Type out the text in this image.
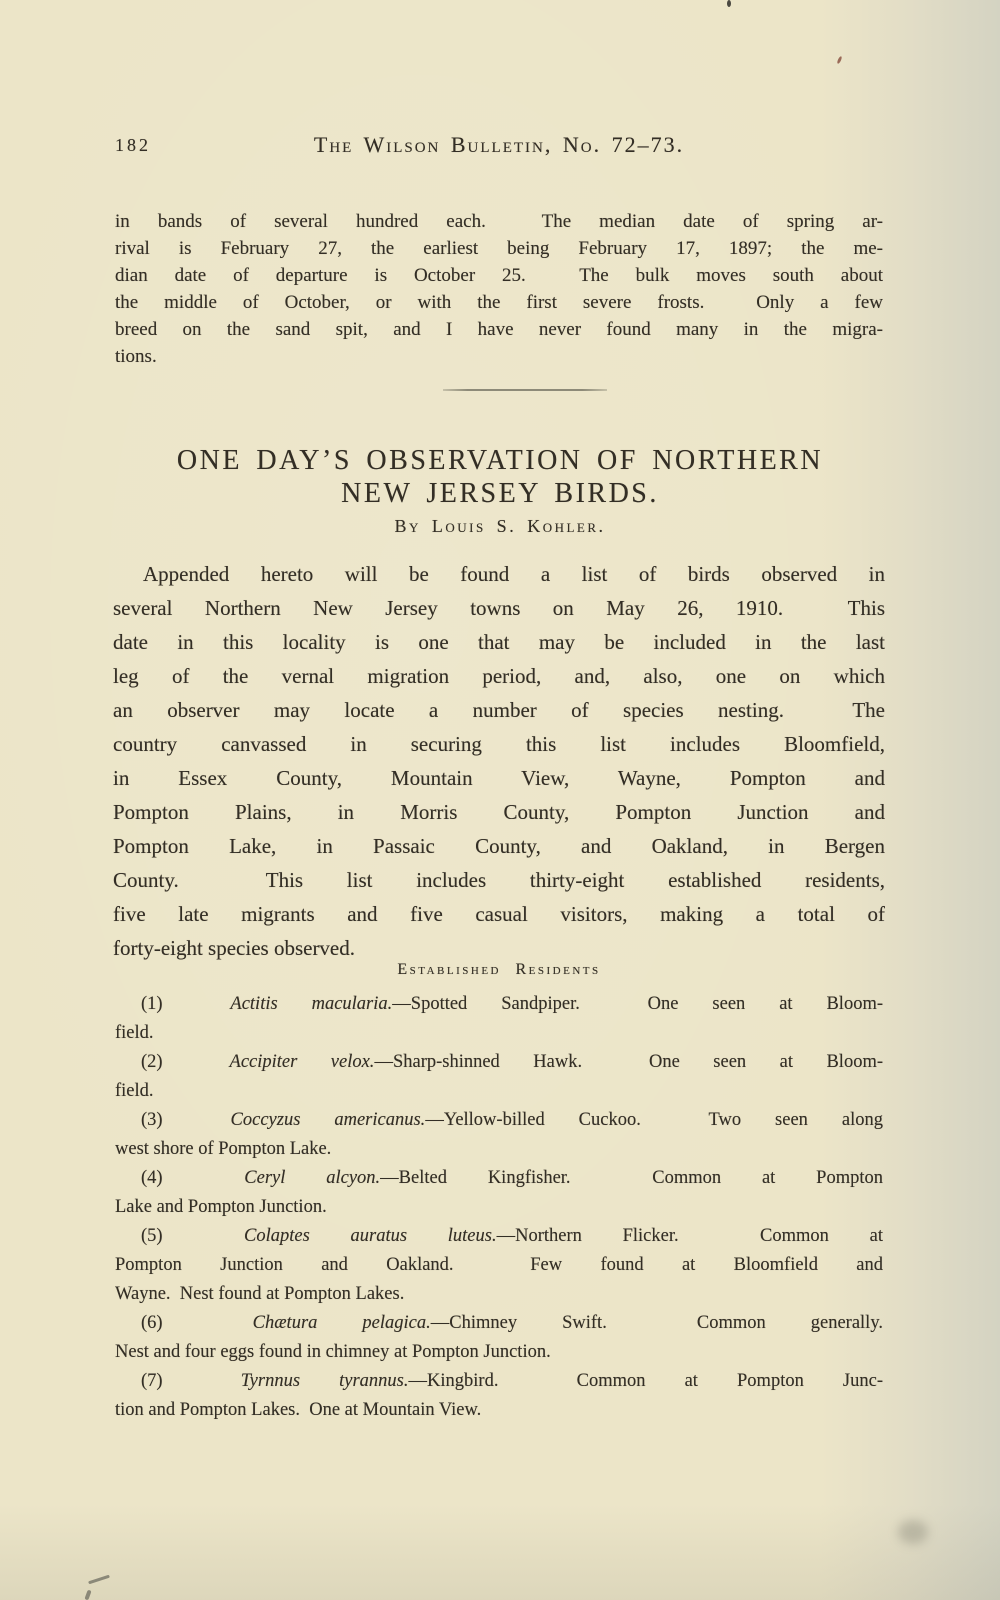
182	The Wilson Bulletin, No. 72–73.
in bands of several hundred each.  The median date of spring ar-
rival is February 27, the earliest being February 17, 1897; the me-
dian date of departure is October 25.  The bulk moves south about
the middle of October, or with the first severe frosts.  Only a few
breed on the sand spit, and I have never found many in the migra-
tions.
ONE DAY’S OBSERVATION OF NORTHERN
NEW JERSEY BIRDS.
By Louis S. Kohler.
Appended hereto will be found a list of birds observed in
several Northern New Jersey towns on May 26, 1910.  This
date in this locality is one that may be included in the last
leg of the vernal migration period, and, also, one on which
an observer may locate a number of species nesting.  The
country canvassed in securing this list includes Bloomfield,
in Essex County, Mountain View, Wayne, Pompton and
Pompton Plains, in Morris County, Pompton Junction and
Pompton Lake, in Passaic County, and Oakland, in Bergen
County.  This list includes thirty-eight established residents,
five late migrants and five casual visitors, making a total of
forty-eight species observed.
Established Residents
(1)  Actitis macularia.—Spotted Sandpiper.  One seen at Bloom-
field.
(2)  Accipiter velox.—Sharp-shinned Hawk.  One seen at Bloom-
field.
(3)  Coccyzus americanus.—Yellow-billed Cuckoo.  Two seen along
west shore of Pompton Lake.
(4)  Ceryl alcyon.—Belted Kingfisher.  Common at Pompton
Lake and Pompton Junction.
(5)  Colaptes auratus luteus.—Northern Flicker.  Common at
Pompton Junction and Oakland.  Few found at Bloomfield and
Wayne.  Nest found at Pompton Lakes.
(6)  Chætura pelagica.—Chimney Swift.  Common generally.
Nest and four eggs found in chimney at Pompton Junction.
(7)  Tyrnnus tyrannus.—Kingbird.  Common at Pompton Junc-
tion and Pompton Lakes.  One at Mountain View.
